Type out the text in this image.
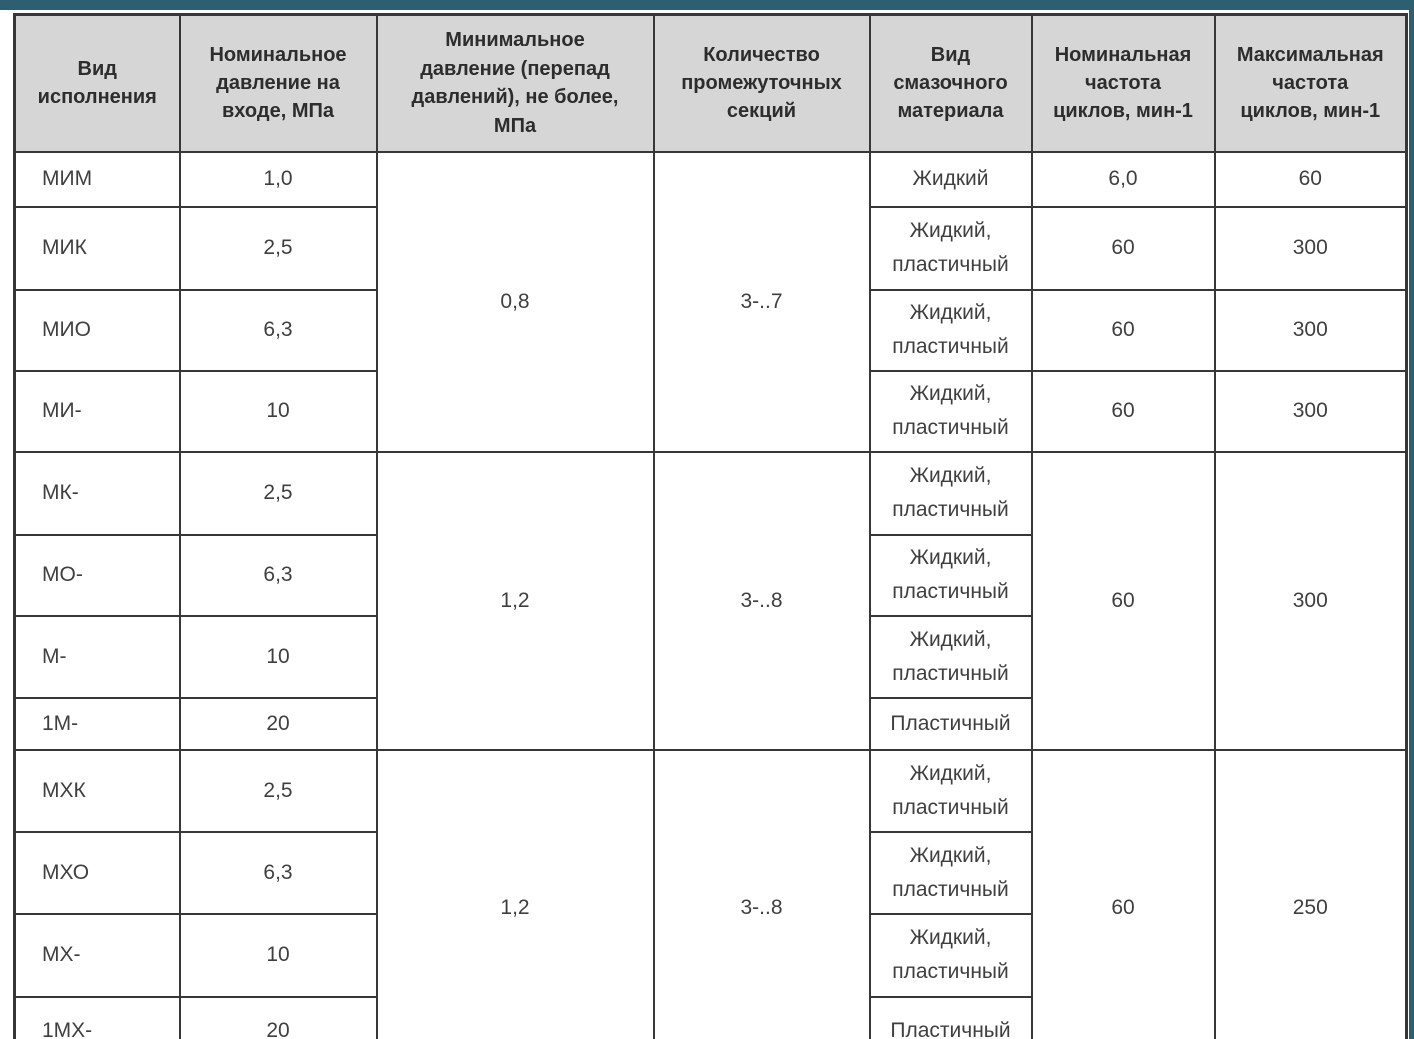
Вид исполнения	Номинальное давление на входе, МПа	Минимальное давление (перепад давлений), не более, МПа	Количество промежуточных секций	Вид смазочного материала	Номинальная частота циклов, мин-1	Максимальная частота циклов, мин-1
МИМ	1,0	0,8	3-..7	Жидкий	6,0	60
МИК	2,5			Жидкий, пластичный	60	300
МИО	6,3			Жидкий, пластичный	60	300
МИ-	10			Жидкий, пластичный	60	300
МК-	2,5	1,2	3-..8	Жидкий, пластичный	60	300
МО-	6,3			Жидкий, пластичный		
М-	10			Жидкий, пластичный		
1М-	20			Пластичный		
МХК	2,5	1,2	3-..8	Жидкий, пластичный	60	250
МХО	6,3			Жидкий, пластичный		
МХ-	10			Жидкий, пластичный		
1МХ-	20			Пластичный		
